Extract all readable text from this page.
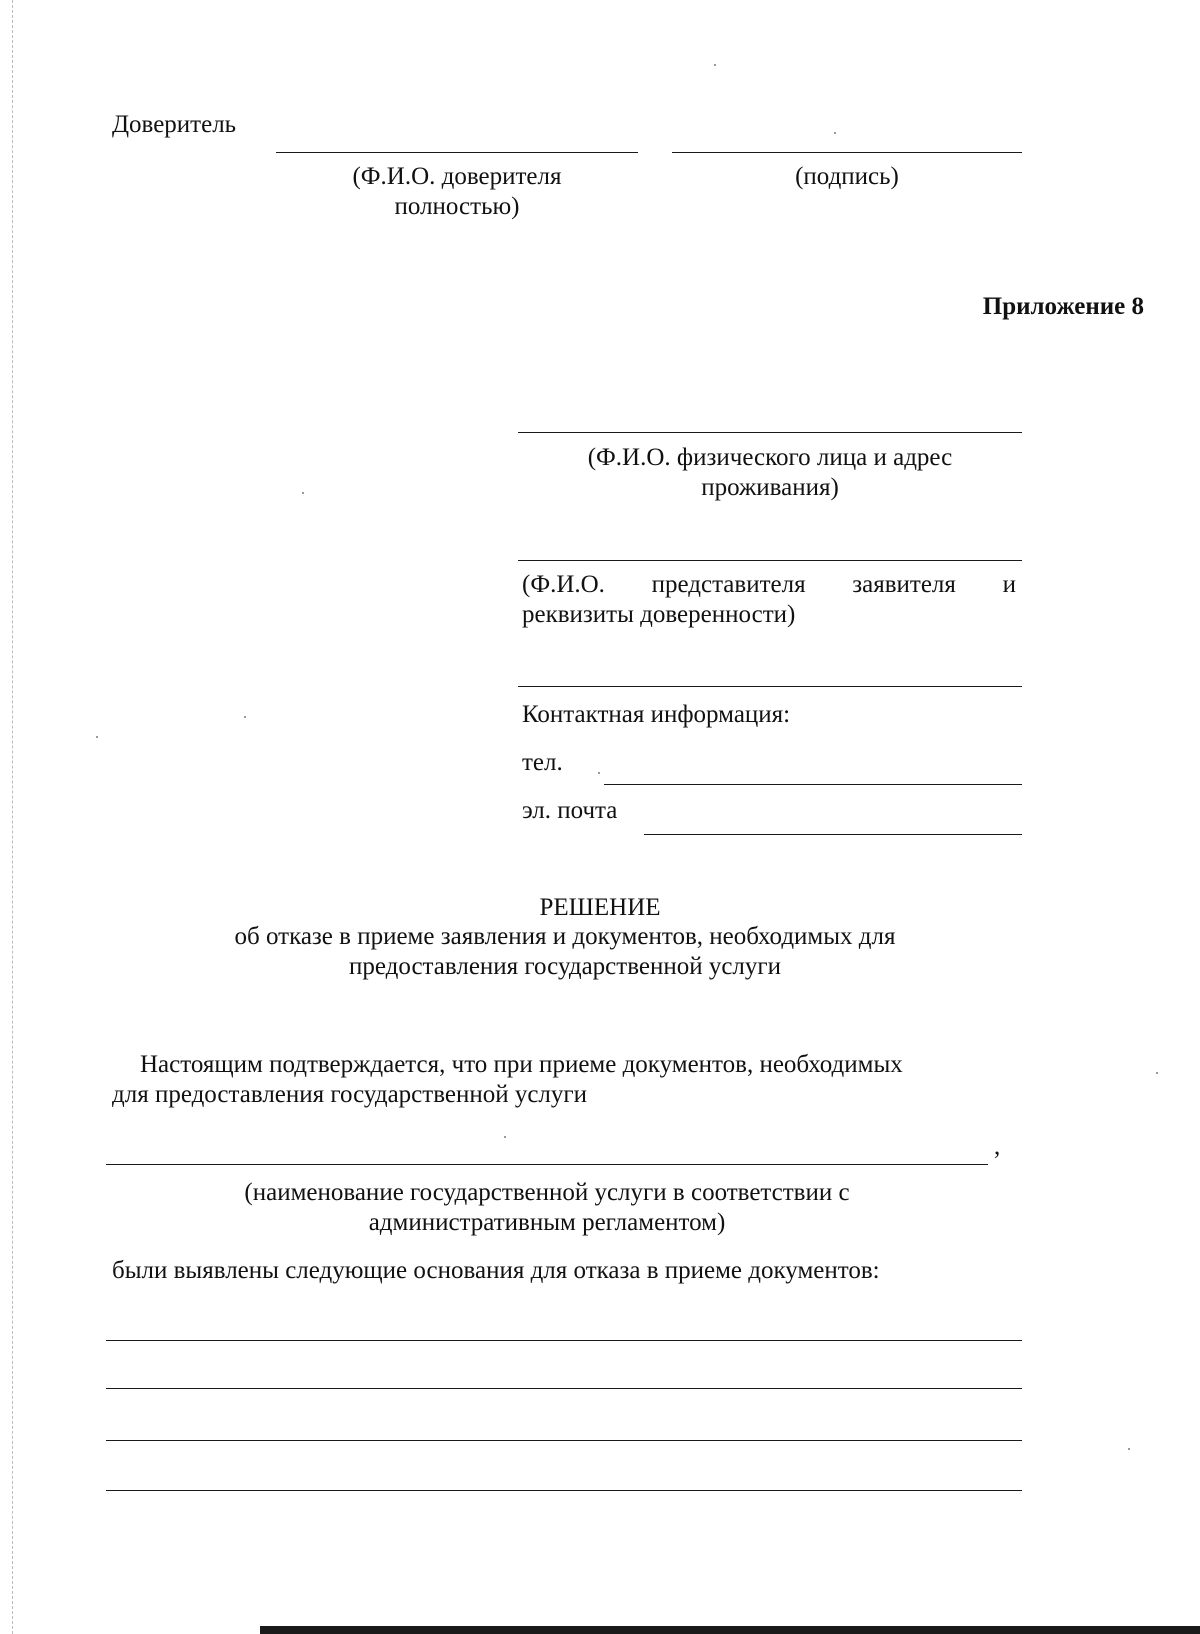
Доверитель
(Ф.И.О. доверителя
полностью)
(подпись)
Приложение 8
(Ф.И.О. физического лица и адрес
проживания)
(Ф.И.О. представителя заявителя и
реквизиты доверенности)
Контактная информация:
тел.
эл. почта
РЕШЕНИЕ
об отказе в приеме заявления и документов, необходимых для
предоставления государственной услуги
Настоящим подтверждается, что при приеме документов, необходимых
для предоставления государственной услуги
,
(наименование государственной услуги в соответствии с
административным регламентом)
были выявлены следующие основания для отказа в приеме документов:
